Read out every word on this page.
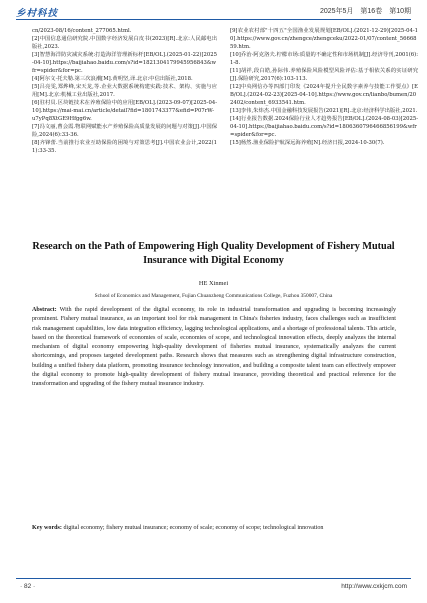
乡村科技	2025年5月　第16卷　第10期

cn/2023-08/16/content_277065.html.

[2]中国信息通信研究院.中国数字经济发展白皮书(2023)[R].北京:人民邮电出版社,2023.

[3]智慧海洋防灾减灾系统:打造海洋管理新标杆[EB/OL].(2025-01-22)[2025-04-10].https://baijiahao.baidu.com/s?id=1821304179945956843&wfr=spider&for=pc.

[4]阿尔文·托夫勒.第三次浪潮[M].黄明坚,译.北京:中信出版社,2018.

[5]吕亮雯,郑烨峰,宋天龙,等.企业大数据系统构建实践:技术、架构、实施与应用[M].北京:机械工业出版社,2017.

[6]驻村员.区块链技术在养殖保险中的应用[EB/OL].(2023-09-07)[2025-04-10].https://mai-mai.cn/article/detail?fid=1801743377&efid=P07rW-u7yPq8XtGE9Hfgg6w.

[7]冯文丽,曹会霞.物联网赋能水产养殖保险高质量发展的问题与对策[J].中国保险,2024(6):33-36.

[8]齐锋蕾.当前推行农业互助保险的困境与对策思考[J].中国农业会计,2022(11):33-35.

[9]农业农村部"十四五"全国渔业发展规划[EB/OL].(2021-12-29)[2025-04-10].https://www.gov.cn/zhengce/zhengceku/2022-01/07/content_5666859.htm.

[10]乔治·阿克洛夫.柠檬市场:质量的不确定性和市场机制[J].经济导刊,2001(6):1-8.

[11]胡祥,段白皓,孙际伟.养殖保险风险模型风险评估:基于相依关系的实证研究[J].保险研究,2017(6):103-113.

[12]中央网信办等四部门印发《2024年提升全民数字素养与技能工作要点》[EB/OL].(2024-02-23)[2025-04-10].https://www.gov.cn/lianbo/bumen/202402/content_6933541.htm.

[13]李伟,朱炜杰.中国金融科技发展报告(2021)[R].北京:经济科学出版社,2021.

[14]行业报告数据.2024保险行业人才趋势报告[EB/OL].(2024-08-03)[2025-04-10].https://baijiahao.baidu.com/s?id=1806360796466856199&wfr=spider&for=pc.

[15]杨然.渔业保险护航深远海养殖[N].经济日报,2024-10-30(7).

Research on the Path of Empowering High Quality Development of Fishery Mutual Insurance with Digital Economy
HE Xinmei
School of Economics and Management, Fujian Chuanzheng Communications College, Fuzhou 350007, China
Abstract: With the rapid development of the digital economy, its role in industrial transformation and upgrading is becoming increasingly prominent. Fishery mutual insurance, as an important tool for risk management in China's fisheries industry, faces challenges such as insufficient risk management capabilities, low data integration efficiency, lagging technological applications, and a shortage of professional talents. This article, based on the theoretical framework of economies of scale, economies of scope, and technological innovation effects, deeply analyzes the internal mechanism of digital economy empowering high-quality development of fisheries mutual insurance, systematically analyzes the current shortcomings, and proposes targeted development paths. Research shows that measures such as strengthening digital infrastructure construction, building a unified fishery data platform, promoting insurance technology innovation, and building a composite talent team can effectively empower the digital economy to promote high-quality development of fishery mutual insurance, providing theoretical and practical reference for the transformation and upgrading of the fishery mutual insurance industry.
Key words: digital economy; fishery mutual insurance; economy of scale; economy of scope; technological innovation
· 82 ·	http://www.cxkjcm.com
